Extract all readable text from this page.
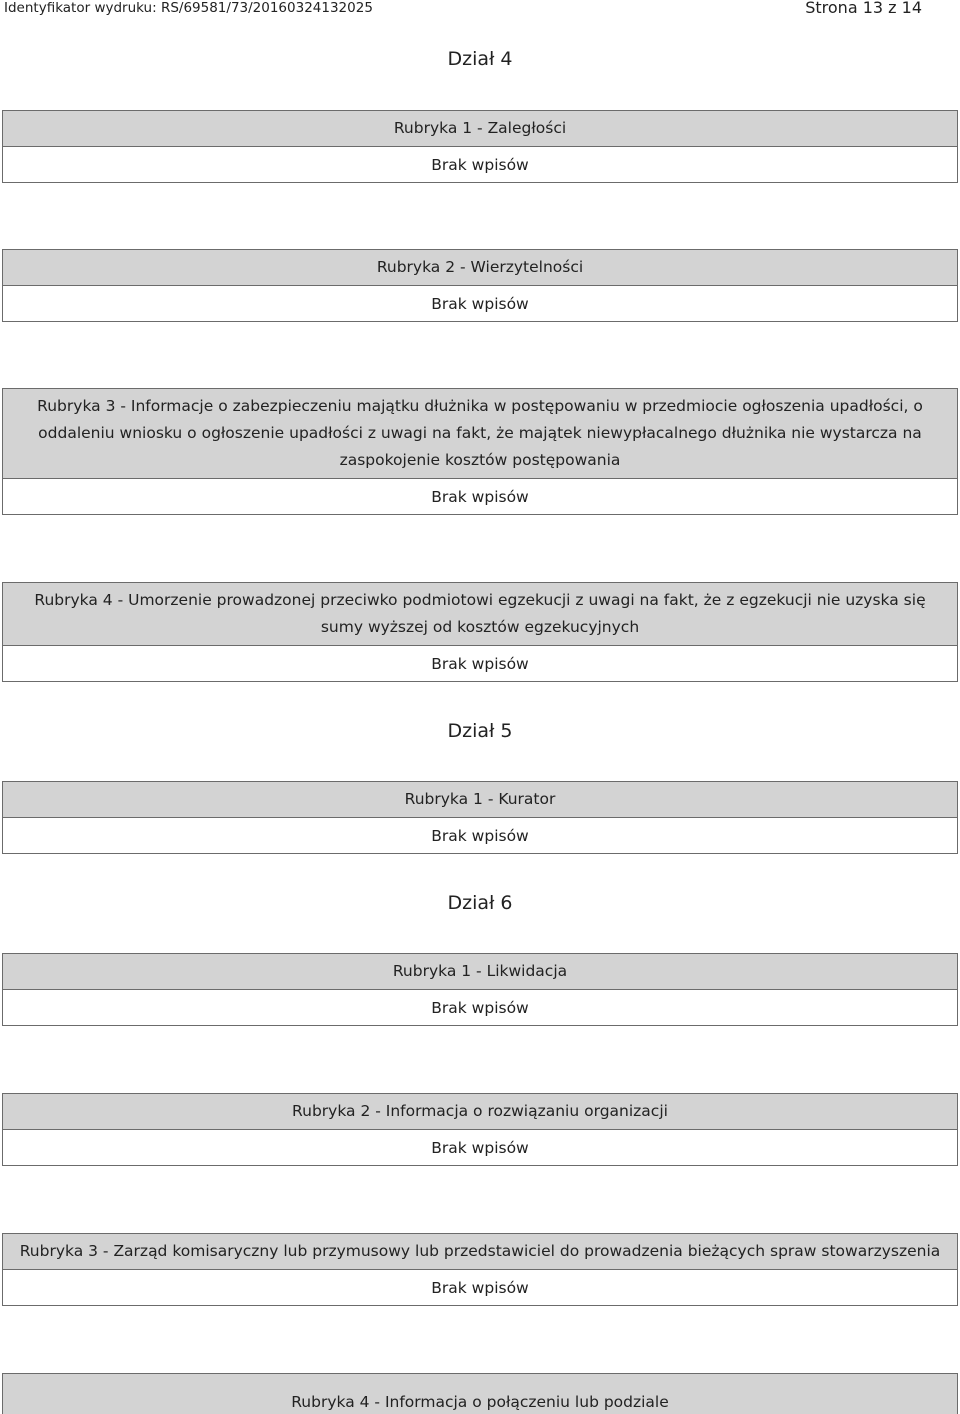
Identyfikator wydruku: RS/69581/73/20160324132025	Strona 13 z 14
Dział 4
Rubryka 1 - Zaległości
Brak wpisów
Rubryka 2 - Wierzytelności
Brak wpisów
Rubryka 3 - Informacje o zabezpieczeniu majątku dłużnika w postępowaniu w przedmiocie ogłoszenia upadłości, o oddaleniu wniosku o ogłoszenie upadłości z uwagi na fakt, że majątek niewypłacalnego dłużnika nie wystarcza na zaspokojenie kosztów postępowania
Brak wpisów
Rubryka 4 - Umorzenie prowadzonej przeciwko podmiotowi egzekucji z uwagi na fakt, że z egzekucji nie uzyska się sumy wyższej od kosztów egzekucyjnych
Brak wpisów
Dział 5
Rubryka 1 - Kurator
Brak wpisów
Dział 6
Rubryka 1 - Likwidacja
Brak wpisów
Rubryka 2 - Informacja o rozwiązaniu organizacji
Brak wpisów
Rubryka 3 - Zarząd komisaryczny lub przymusowy lub przedstawiciel do prowadzenia bieżących spraw stowarzyszenia
Brak wpisów
Rubryka 4 - Informacja o połączeniu lub podziale
